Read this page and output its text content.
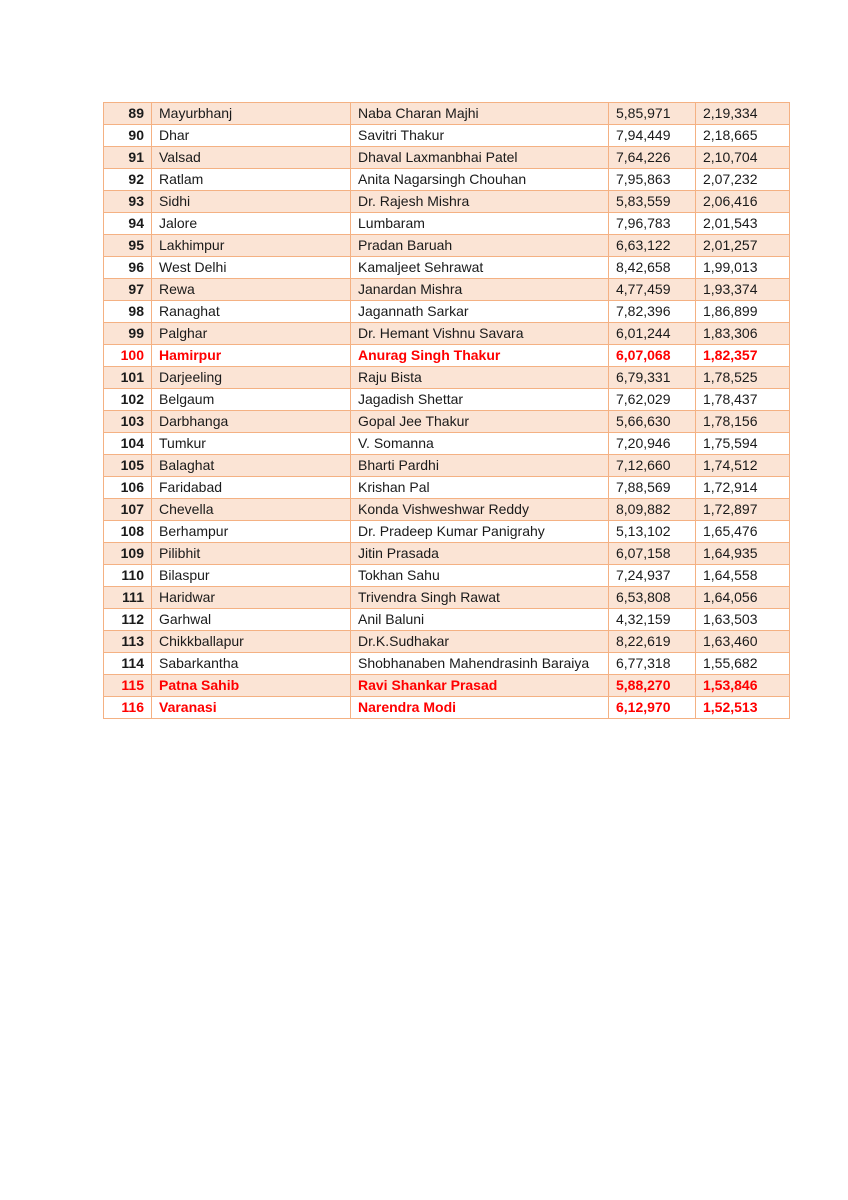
89	Mayurbhanj	Naba Charan Majhi	5,85,971	2,19,334
90	Dhar	Savitri Thakur	7,94,449	2,18,665
91	Valsad	Dhaval Laxmanbhai Patel	7,64,226	2,10,704
92	Ratlam	Anita Nagarsingh Chouhan	7,95,863	2,07,232
93	Sidhi	Dr. Rajesh Mishra	5,83,559	2,06,416
94	Jalore	Lumbaram	7,96,783	2,01,543
95	Lakhimpur	Pradan Baruah	6,63,122	2,01,257
96	West Delhi	Kamaljeet Sehrawat	8,42,658	1,99,013
97	Rewa	Janardan Mishra	4,77,459	1,93,374
98	Ranaghat	Jagannath Sarkar	7,82,396	1,86,899
99	Palghar	Dr. Hemant Vishnu Savara	6,01,244	1,83,306
100	Hamirpur	Anurag Singh Thakur	6,07,068	1,82,357
101	Darjeeling	Raju Bista	6,79,331	1,78,525
102	Belgaum	Jagadish Shettar	7,62,029	1,78,437
103	Darbhanga	Gopal Jee Thakur	5,66,630	1,78,156
104	Tumkur	V. Somanna	7,20,946	1,75,594
105	Balaghat	Bharti Pardhi	7,12,660	1,74,512
106	Faridabad	Krishan Pal	7,88,569	1,72,914
107	Chevella	Konda Vishweshwar Reddy	8,09,882	1,72,897
108	Berhampur	Dr. Pradeep Kumar Panigrahy	5,13,102	1,65,476
109	Pilibhit	Jitin Prasada	6,07,158	1,64,935
110	Bilaspur	Tokhan Sahu	7,24,937	1,64,558
111	Haridwar	Trivendra Singh Rawat	6,53,808	1,64,056
112	Garhwal	Anil Baluni	4,32,159	1,63,503
113	Chikkballapur	Dr.K.Sudhakar	8,22,619	1,63,460
114	Sabarkantha	Shobhanaben Mahendrasinh Baraiya	6,77,318	1,55,682
115	Patna Sahib	Ravi Shankar Prasad	5,88,270	1,53,846
116	Varanasi	Narendra Modi	6,12,970	1,52,513
